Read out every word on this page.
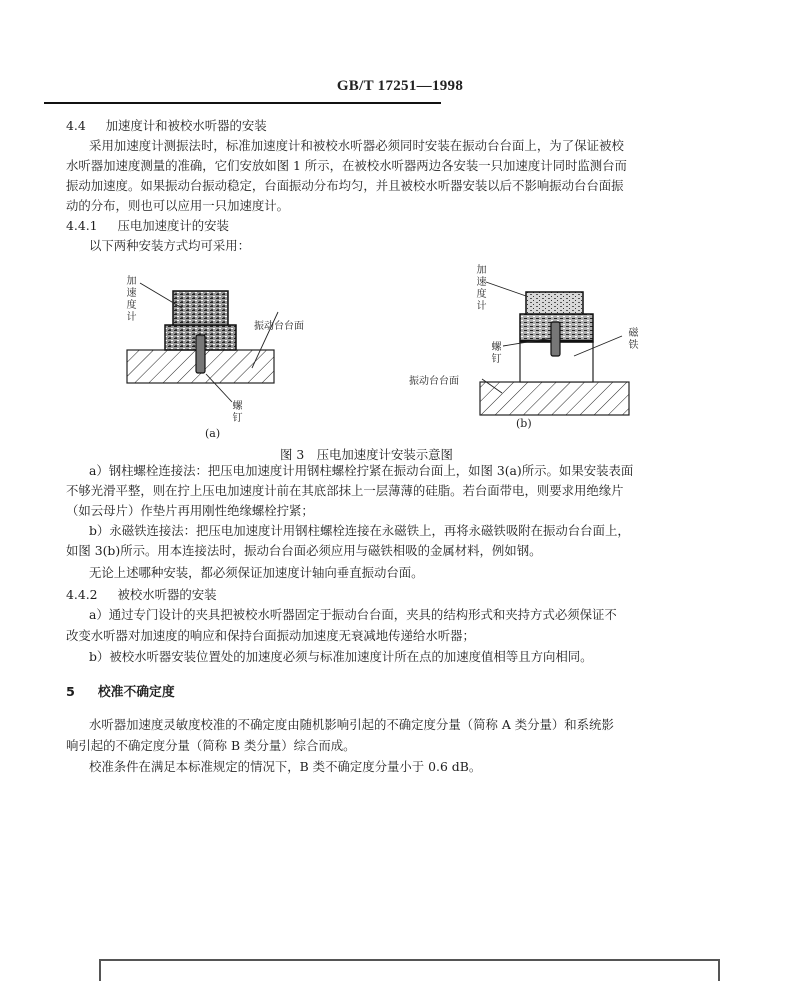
GB/T 17251—1998
4.4 加速度计和被校水听器的安装
采用加速度计测振法时，标准加速度计和被校水听器必须同时安装在振动台台面上，为了保证被校
水听器加速度测量的准确，它们安放如图 1 所示，在被校水听器两边各安装一只加速度计同时监测台而
振动加速度。如果振动台振动稳定，台面振动分布均匀，并且被校水听器安装以后不影响振动台台面振
动的分布，则也可以应用一只加速度计。
4.4.1 压电加速度计的安装
以下两种安装方式均可采用：
加速度计
振动台台面
螺钉
(a)
加速度计
螺钉
磁铁
振动台台面
(b)
图 3　压电加速度计安装示意图
a）钢柱螺栓连接法：把压电加速度计用钢柱螺栓拧紧在振动台面上，如图 3(a)所示。如果安装表面
不够光滑平整，则在拧上压电加速度计前在其底部抹上一层薄薄的硅脂。若台面带电，则要求用绝缘片
（如云母片）作垫片再用刚性绝缘螺栓拧紧；
b）永磁铁连接法：把压电加速度计用钢柱螺栓连接在永磁铁上，再将永磁铁吸附在振动台台面上，
如图 3(b)所示。用本连接法时，振动台台面必须应用与磁铁相吸的金属材料，例如钢。
无论上述哪种安装，都必须保证加速度计轴向垂直振动台面。
4.4.2 被校水听器的安装
a）通过专门设计的夹具把被校水听器固定于振动台台面，夹具的结构形式和夹持方式必须保证不
改变水听器对加速度的响应和保持台面振动加速度无衰减地传递给水听器；
b）被校水听器安装位置处的加速度必须与标准加速度计所在点的加速度值相等且方向相同。
5 校准不确定度
水听器加速度灵敏度校准的不确定度由随机影响引起的不确定度分量（简称 A 类分量）和系统影
响引起的不确定度分量（简称 B 类分量）综合而成。
校准条件在满足本标准规定的情况下，B 类不确定度分量小于 0.6 dB。
